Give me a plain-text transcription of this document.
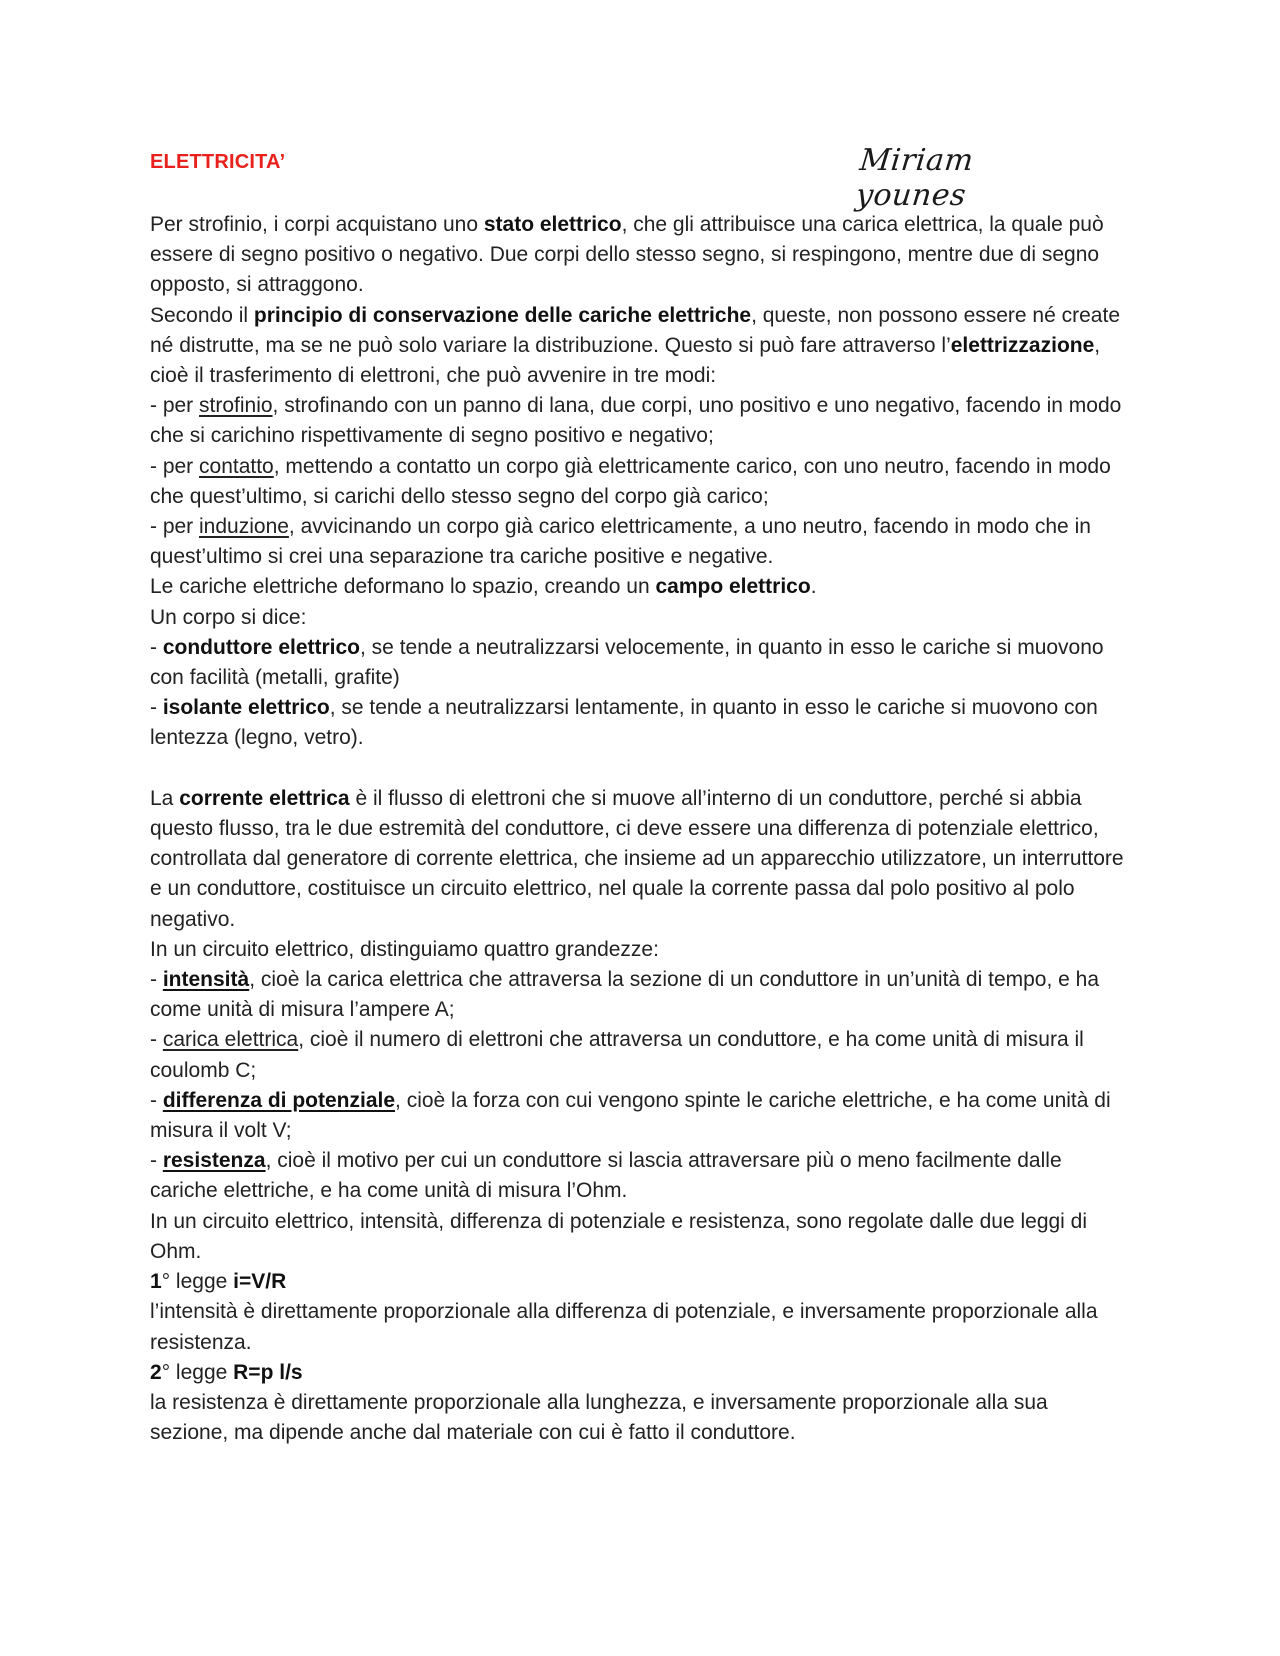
ELETTRICITA’	Miriam younes

Per strofinio, i corpi acquistano uno stato elettrico, che gli attribuisce una carica elettrica, la quale può essere di segno positivo o negativo. Due corpi dello stesso segno, si respingono, mentre due di segno opposto, si attraggono.

Secondo il principio di conservazione delle cariche elettriche, queste, non possono essere né create né distrutte, ma se ne può solo variare la distribuzione. Questo si può fare attraverso l’elettrizzazione, cioè il trasferimento di elettroni, che può avvenire in tre modi:

- per strofinio, strofinando con un panno di lana, due corpi, uno positivo e uno negativo, facendo in modo che si carichino rispettivamente di segno positivo e negativo;

- per contatto, mettendo a contatto un corpo già elettricamente carico, con uno neutro, facendo in modo che quest’ultimo, si carichi dello stesso segno del corpo già carico;

- per induzione, avvicinando un corpo già carico elettricamente, a uno neutro, facendo in modo che in quest’ultimo si crei una separazione tra cariche positive e negative.

Le cariche elettriche deformano lo spazio, creando un campo elettrico.

Un corpo si dice:

- conduttore elettrico, se tende a neutralizzarsi velocemente, in quanto in esso le cariche si muovono con facilità (metalli, grafite)

- isolante elettrico, se tende a neutralizzarsi lentamente, in quanto in esso le cariche si muovono con lentezza (legno, vetro).

La corrente elettrica è il flusso di elettroni che si muove all’interno di un conduttore, perché si abbia questo flusso, tra le due estremità del conduttore, ci deve essere una differenza di potenziale elettrico, controllata dal generatore di corrente elettrica, che insieme ad un apparecchio utilizzatore, un interruttore e un conduttore, costituisce un circuito elettrico, nel quale la corrente passa dal polo positivo al polo negativo.

In un circuito elettrico, distinguiamo quattro grandezze:

- intensità, cioè la carica elettrica che attraversa la sezione di un conduttore in un’unità di tempo, e ha come unità di misura l’ampere A;

- carica elettrica, cioè il numero di elettroni che attraversa un conduttore, e ha come unità di misura il coulomb C;

- differenza di potenziale, cioè la forza con cui vengono spinte le cariche elettriche, e ha come unità di misura il volt V;

- resistenza, cioè il motivo per cui un conduttore si lascia attraversare più o meno facilmente dalle cariche elettriche, e ha come unità di misura l’Ohm.

In un circuito elettrico, intensità, differenza di potenziale e resistenza, sono regolate dalle due leggi di Ohm.

1° legge i=V/R

l’intensità è direttamente proporzionale alla differenza di potenziale, e inversamente proporzionale alla resistenza.

2° legge R=p l/s

la resistenza è direttamente proporzionale alla lunghezza, e inversamente proporzionale alla sua sezione, ma dipende anche dal materiale con cui è fatto il conduttore.
